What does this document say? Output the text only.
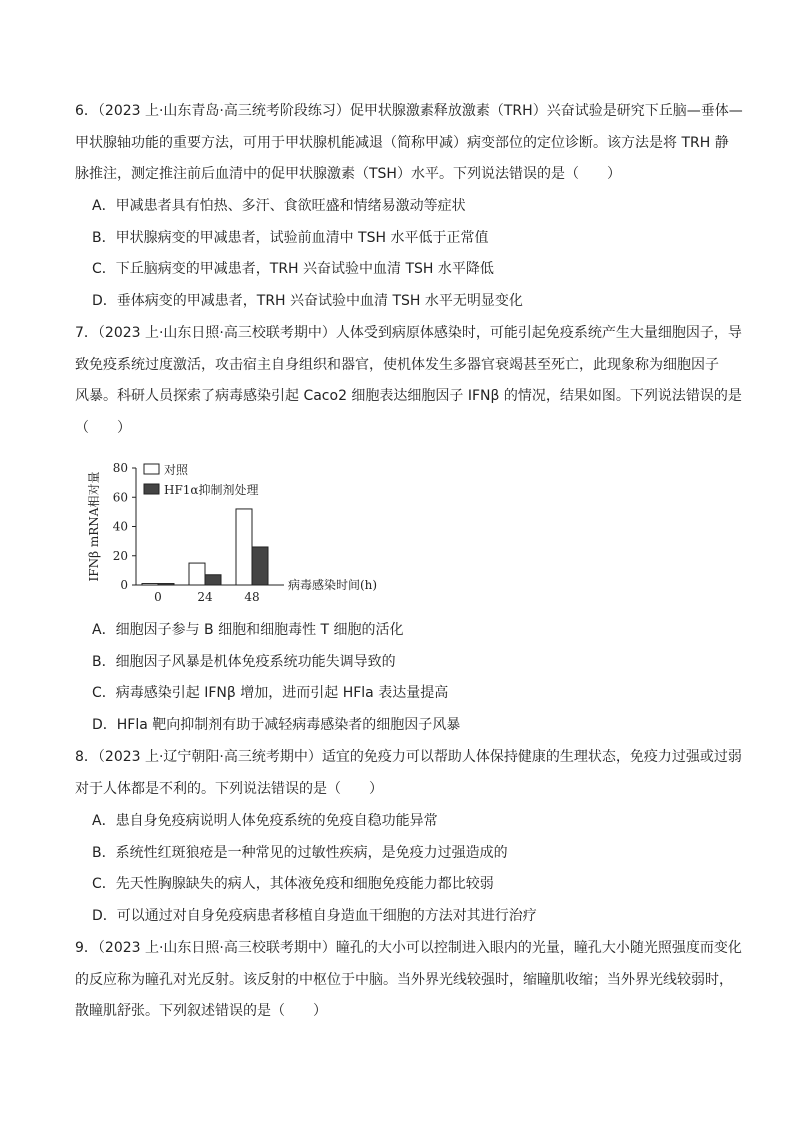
6．（2023 上·山东青岛·高三统考阶段练习）促甲状腺激素释放激素（TRH）兴奋试验是研究下丘脑—垂体—
甲状腺轴功能的重要方法，可用于甲状腺机能减退（简称甲减）病变部位的定位诊断。该方法是将 TRH 静
脉推注，测定推注前后血清中的促甲状腺激素（TSH）水平。下列说法错误的是（　　）
A．甲减患者具有怕热、多汗、食欲旺盛和情绪易激动等症状
B．甲状腺病变的甲减患者，试验前血清中 TSH 水平低于正常值
C．下丘脑病变的甲减患者，TRH 兴奋试验中血清 TSH 水平降低
D．垂体病变的甲减患者，TRH 兴奋试验中血清 TSH 水平无明显变化
7．（2023 上·山东日照·高三校联考期中）人体受到病原体感染时，可能引起免疫系统产生大量细胞因子，导
致免疫系统过度激活，攻击宿主自身组织和器官，使机体发生多器官衰竭甚至死亡，此现象称为细胞因子
风暴。科研人员探索了病毒感染引起 Caco2 细胞表达细胞因子 IFNβ 的情况，结果如图。下列说法错误的是
（　　）
0
20
40
60
80
0	24	48
IFNβ mRNA相对量
病毒感染时间(h)
对照
HF1α抑制剂处理
A．细胞因子参与 B 细胞和细胞毒性 T 细胞的活化
B．细胞因子风暴是机体免疫系统功能失调导致的
C．病毒感染引起 IFNβ 增加，进而引起 HFla 表达量提高
D．HFla 靶向抑制剂有助于减轻病毒感染者的细胞因子风暴
8．（2023 上·辽宁朝阳·高三统考期中）适宜的免疫力可以帮助人体保持健康的生理状态，免疫力过强或过弱
对于人体都是不利的。下列说法错误的是（　　）
A．患自身免疫病说明人体免疫系统的免疫自稳功能异常
B．系统性红斑狼疮是一种常见的过敏性疾病，是免疫力过强造成的
C．先天性胸腺缺失的病人，其体液免疫和细胞免疫能力都比较弱
D．可以通过对自身免疫病患者移植自身造血干细胞的方法对其进行治疗
9．（2023 上·山东日照·高三校联考期中）瞳孔的大小可以控制进入眼内的光量，瞳孔大小随光照强度而变化
的反应称为瞳孔对光反射。该反射的中枢位于中脑。当外界光线较强时，缩瞳肌收缩；当外界光线较弱时，
散瞳肌舒张。下列叙述错误的是（　　）
